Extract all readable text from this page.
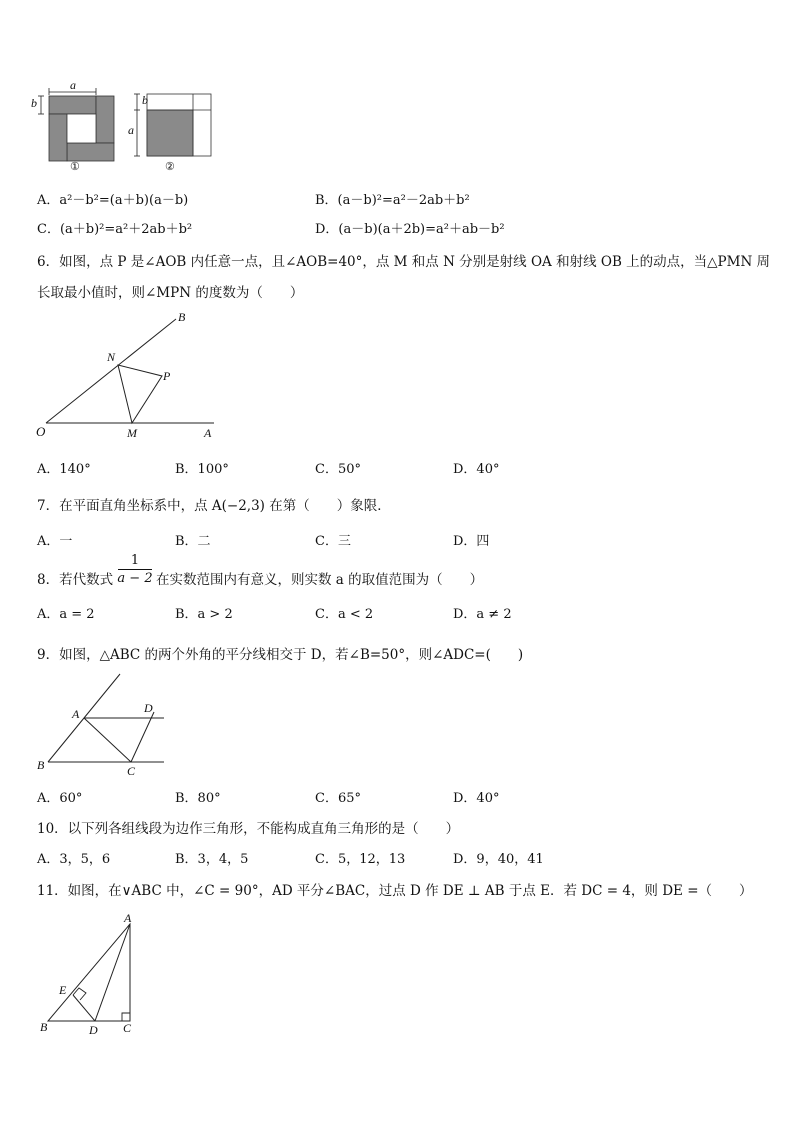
a
b
①
b
a
②
A．a²－b²=(a＋b)(a－b)	B．(a－b)²=a²－2ab＋b²
C．(a＋b)²=a²＋2ab＋b²	D．(a－b)(a＋2b)=a²＋ab－b²
6．如图，点 P 是∠AOB 内任意一点，且∠AOB=40°，点 M 和点 N 分别是射线 OA 和射线 OB 上的动点，当△PMN 周
长取最小值时，则∠MPN 的度数为（　　）
O	A
B
M
N
P
A．140°	B．100°	C．50°	D．40°
7．在平面直角坐标系中，点 A(−2,3) 在第（　　）象限．
A．一	B．二	C．三	D．四
8．若代数式
1
a − 2 在实数范围内有意义，则实数 a 的取值范围为（　　）
A．a = 2	B．a > 2	C．a < 2	D．a ≠ 2
9．如图，△ABC 的两个外角的平分线相交于 D，若∠B=50°，则∠ADC=(　　)
A
B	C
D
A．60°	B．80°	C．65°	D．40°
10．以下列各组线段为边作三角形，不能构成直角三角形的是（　　）
A．3，5，6	B．3，4，5	C．5，12，13	D．9，40，41
11．如图，在∨ABC 中，∠C = 90°，AD 平分∠BAC，过点 D 作 DE ⊥ AB 于点 E．若 DC = 4，则 DE =（　　）
A
B	C
D
E
